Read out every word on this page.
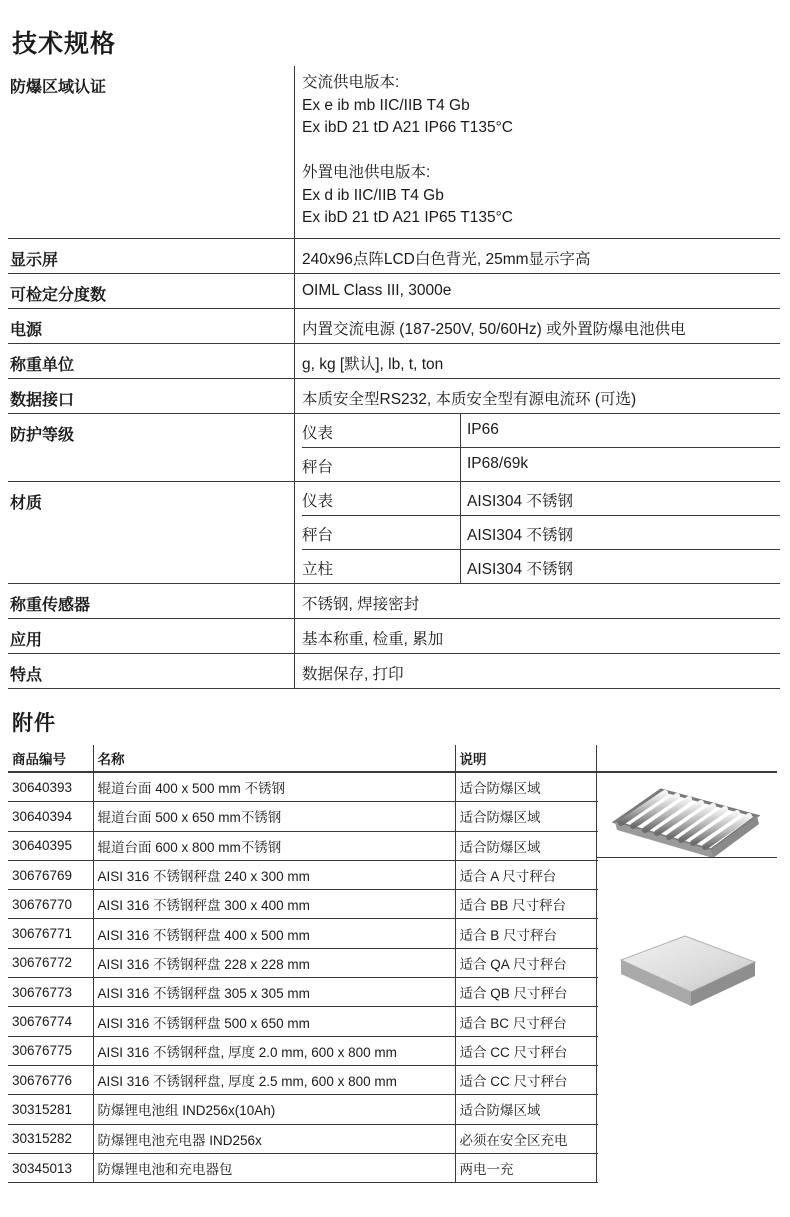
技术规格
防爆区域认证	交流供电版本:
Ex e ib mb IIC/IIB T4 Gb
Ex ibD 21 tD A21 IP66 T135°C

外置电池供电版本:
Ex d ib IIC/IIB T4 Gb
Ex ibD 21 tD A21 IP65 T135°C
显示屏	240x96点阵LCD白色背光, 25mm显示字高
可检定分度数	OIML Class III, 3000e
电源	内置交流电源 (187-250V, 50/60Hz) 或外置防爆电池供电
称重单位	g, kg [默认], lb, t, ton
数据接口	本质安全型RS232, 本质安全型有源电流环 (可选)
防护等级	仪表	IP66
秤台	IP68/69k
材质	仪表	AISI304 不锈钢
秤台	AISI304 不锈钢
立柱	AISI304 不锈钢
称重传感器	不锈钢, 焊接密封
应用	基本称重, 检重, 累加
特点	数据保存, 打印
附件
商品编号	名称	说明
30640393	辊道台面 400 x 500 mm 不锈钢	适合防爆区域
30640394	辊道台面 500 x 650 mm不锈钢	适合防爆区域
30640395	辊道台面 600 x 800 mm不锈钢	适合防爆区域
30676769	AISI 316 不锈钢秤盘 240 x 300 mm	适合 A 尺寸秤台
30676770	AISI 316 不锈钢秤盘 300 x 400 mm	适合 BB 尺寸秤台
30676771	AISI 316 不锈钢秤盘 400 x 500 mm	适合 B 尺寸秤台
30676772	AISI 316 不锈钢秤盘 228 x 228 mm	适合 QA 尺寸秤台
30676773	AISI 316 不锈钢秤盘 305 x 305 mm	适合 QB 尺寸秤台
30676774	AISI 316 不锈钢秤盘 500 x 650 mm	适合 BC 尺寸秤台
30676775	AISI 316 不锈钢秤盘, 厚度 2.0 mm, 600 x 800 mm	适合 CC 尺寸秤台
30676776	AISI 316 不锈钢秤盘, 厚度 2.5 mm, 600 x 800 mm	适合 CC 尺寸秤台
30315281	防爆锂电池组 IND256x(10Ah)	适合防爆区域
30315282	防爆锂电池充电器 IND256x	必须在安全区充电
30345013	防爆锂电池和充电器包	两电一充
